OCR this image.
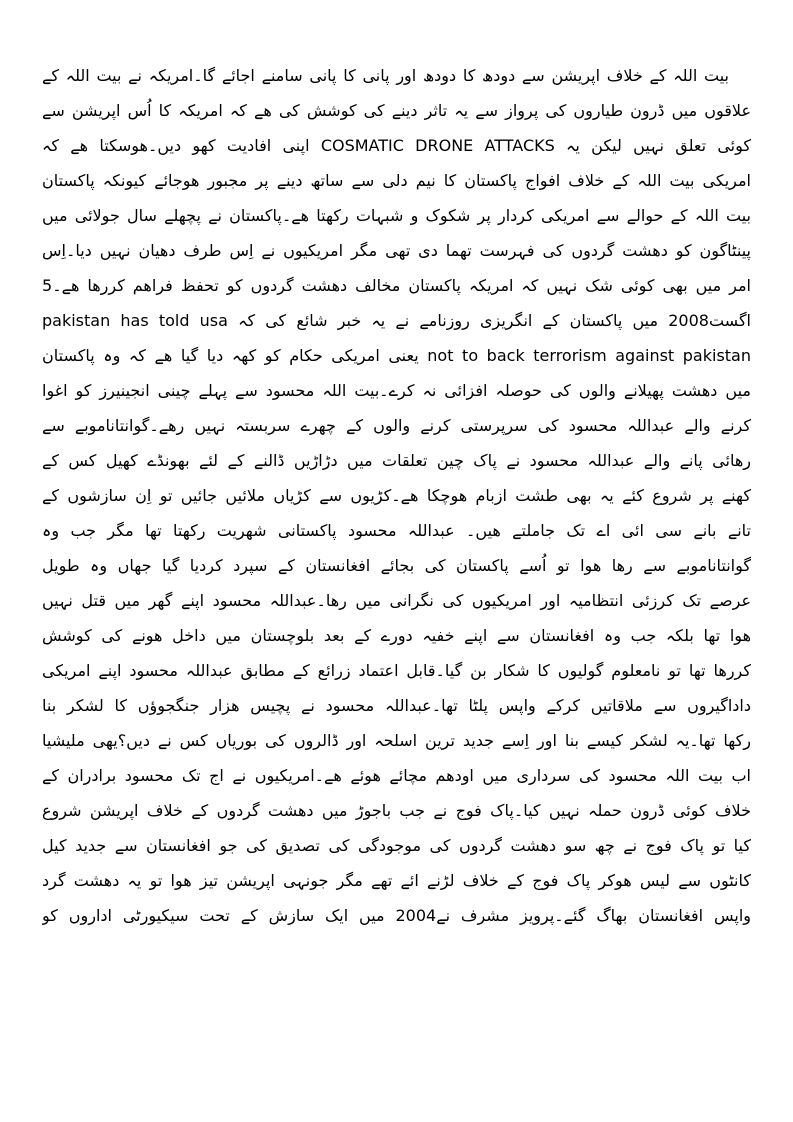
بیت اللہ کے خلاف اپریشن سے دودھ کا دودھ اور پانی کا پانی سامنے اجائے گا۔امریکہ نے بیت اللہ کے
علاقوں میں ڈرون طیاروں کی پرواز سے یہ تاثر دینے کی کوشش کی ھے کہ امریکہ کا اُس اپریشن سے
کوئی تعلق نہیں لیکن یہ COSMATIC DRONE ATTACKS اپنی افادیت کھو دیں۔ھوسکتا ھے کہ
امریکی بیت اللہ کے خلاف افواج پاکستان کا نیم دلی سے ساتھ دینے پر مجبور ھوجائے کیونکہ پاکستان
بیت اللہ کے حوالے سے امریکی کردار پر شکوک و شبہات رکھتا ھے۔پاکستان نے پچھلے سال جولائی میں
پینٹاگون کو دھشت گردوں کی فہرست تھما دی تھی مگر امریکیوں نے اِس طرف دھیان نہیں دیا۔اِس
امر میں بھی کوئی شک نہیں کہ امریکہ پاکستان مخالف دھشت گردوں کو تحفظ فراھم کررھا ھے۔5
اگست2008 میں پاکستان کے انگریزی روزنامے نے یہ خبر شائع کی کہ pakistan has told usa
not to back terrorism against pakistan یعنی امریکی حکام کو کھہ دیا گیا ھے کہ وہ پاکستان
میں دھشت پھیلانے والوں کی حوصلہ افزائی نہ کرے۔بیت اللہ محسود سے پہلے چینی انجینیرز کو اغوا
کرنے والے عبداللہ محسود کی سرپرستی کرنے والوں کے چھرے سربستہ نہیں رھے۔گوانتاناموبے سے
رھائی پانے والے عبداللہ محسود نے پاک چین تعلقات میں دڑاڑیں ڈالنے کے لئے بھونڈے کھیل کس کے
کھنے پر شروع کئے یہ بھی طشت ازبام ھوچکا ھے۔کڑیوں سے کڑیاں ملائیں جائیں تو اِن سازشوں کے
تانے بانے سی ائی اے تک جاملتے ھیں۔ عبداللہ محسود پاکستانی شھریت رکھتا تھا مگر جب وہ
گوانتاناموبے سے رھا ھوا تو اُسے پاکستان کی بجائے افغانستان کے سپرد کردیا گیا جھاں وہ طویل
عرصے تک کرزئی انتظامیہ اور امریکیوں کی نگرانی میں رھا۔عبداللہ محسود اپنے گھر میں قتل نہیں
ھوا تھا بلکہ جب وہ افغانستان سے اپنے خفیہ دورے کے بعد بلوچستان میں داخل ھونے کی کوشش
کررھا تھا تو نامعلوم گولیوں کا شکار بن گیا۔قابل اعتماد زرائع کے مطابق عبداللہ محسود اپنے امریکی
داداگیروں سے ملاقاتیں کرکے واپس پلٹا تھا۔عبداللہ محسود نے پچیس ھزار جنگجوؤں کا لشکر بنا
رکھا تھا۔یہ لشکر کیسے بنا اور اِسے جدید ترین اسلحہ اور ڈالروں کی بوریاں کس نے دیں؟یھی ملیشیا
اب بیت اللہ محسود کی سرداری میں اودھم مچائے ھوئے ھے۔امریکیوں نے اج تک محسود برادران کے
خلاف کوئی ڈرون حملہ نہیں کیا۔پاک فوج نے جب باجوڑ میں دھشت گردوں کے خلاف اپریشن شروع
کیا تو پاک فوج نے چھ سو دھشت گردوں کی موجودگی کی تصدیق کی جو افغانستان سے جدید کیل
کانٹوں سے لیس ھوکر پاک فوج کے خلاف لڑنے ائے تھے مگر جونہی اپریشن تیز ھوا تو یہ دھشت گرد
واپس افغانستان بھاگ گئے۔پرویز مشرف نے2004 میں ایک سازش کے تحت سیکیورٹی اداروں کو
